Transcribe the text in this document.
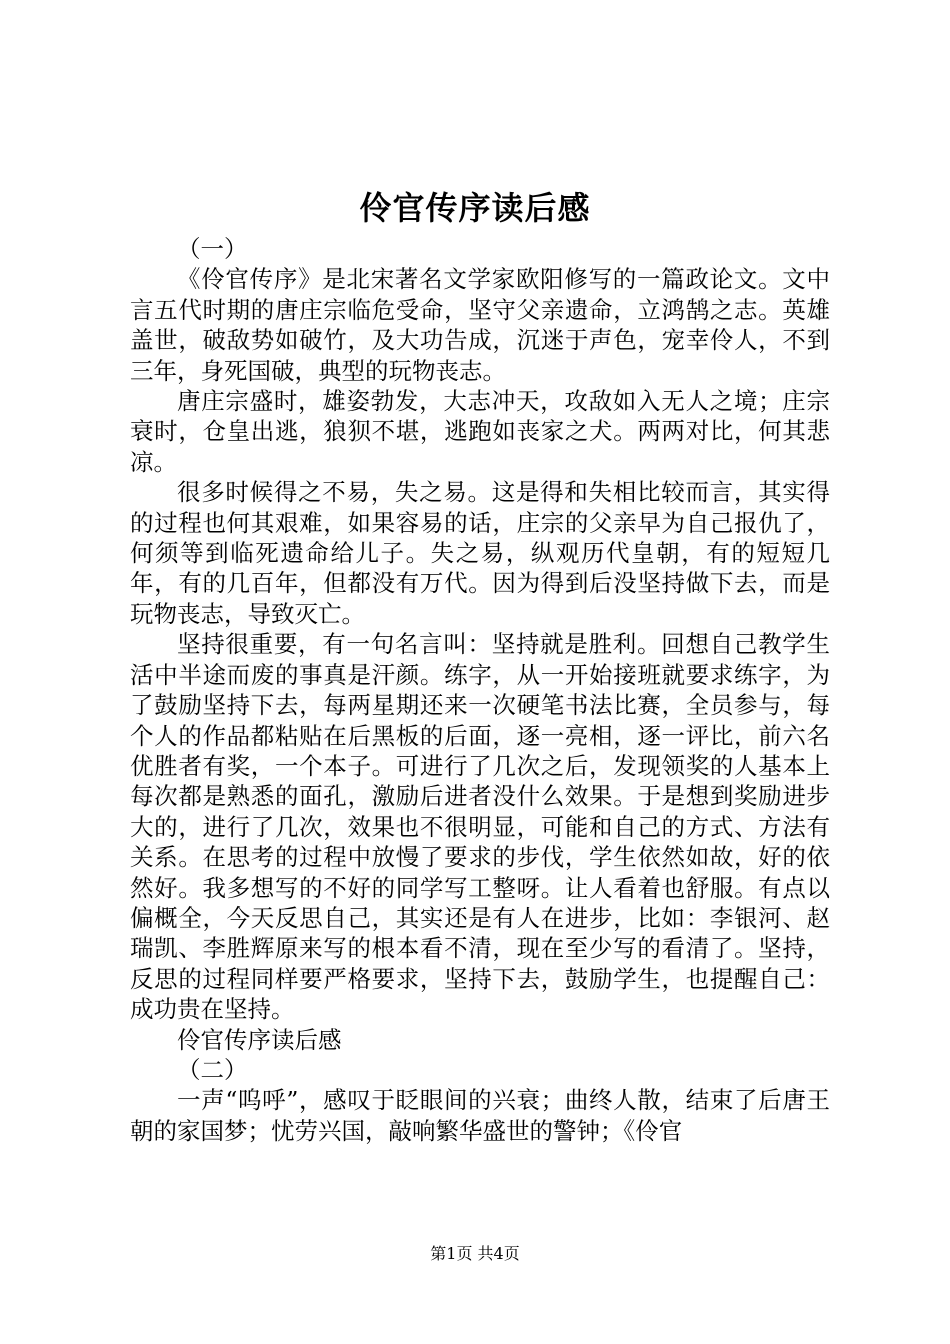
伶官传序读后感

（一）

《伶官传序》是北宋著名文学家欧阳修写的一篇政论文。文中言五代时期的唐庄宗临危受命，坚守父亲遗命，立鸿鹄之志。英雄盖世，破敌势如破竹，及大功告成，沉迷于声色，宠幸伶人，不到三年，身死国破，典型的玩物丧志。

唐庄宗盛时，雄姿勃发，大志冲天，攻敌如入无人之境；庄宗衰时，仓皇出逃，狼狈不堪，逃跑如丧家之犬。两两对比，何其悲凉。

很多时候得之不易，失之易。这是得和失相比较而言，其实得的过程也何其艰难，如果容易的话，庄宗的父亲早为自己报仇了，何须等到临死遗命给儿子。失之易，纵观历代皇朝，有的短短几年，有的几百年，但都没有万代。因为得到后没坚持做下去，而是玩物丧志，导致灭亡。

坚持很重要，有一句名言叫：坚持就是胜利。回想自己教学生活中半途而废的事真是汗颜。练字，从一开始接班就要求练字，为了鼓励坚持下去，每两星期还来一次硬笔书法比赛，全员参与，每个人的作品都粘贴在后黑板的后面，逐一亮相，逐一评比，前六名优胜者有奖，一个本子。可进行了几次之后，发现领奖的人基本上每次都是熟悉的面孔，激励后进者没什么效果。于是想到奖励进步大的，进行了几次，效果也不很明显，可能和自己的方式、方法有关系。在思考的过程中放慢了要求的步伐，学生依然如故，好的依然好。我多想写的不好的同学写工整呀。让人看着也舒服。有点以偏概全，今天反思自己，其实还是有人在进步，比如：李银河、赵瑞凯、李胜辉原来写的根本看不清，现在至少写的看清了。坚持，反思的过程同样要严格要求，坚持下去，鼓励学生，也提醒自己：成功贵在坚持。

伶官传序读后感

（二）

一声“呜呼”，感叹于眨眼间的兴衰；曲终人散，结束了后唐王朝的家国梦；忧劳兴国，敲响繁华盛世的警钟；《伶官

第1页 共4页
